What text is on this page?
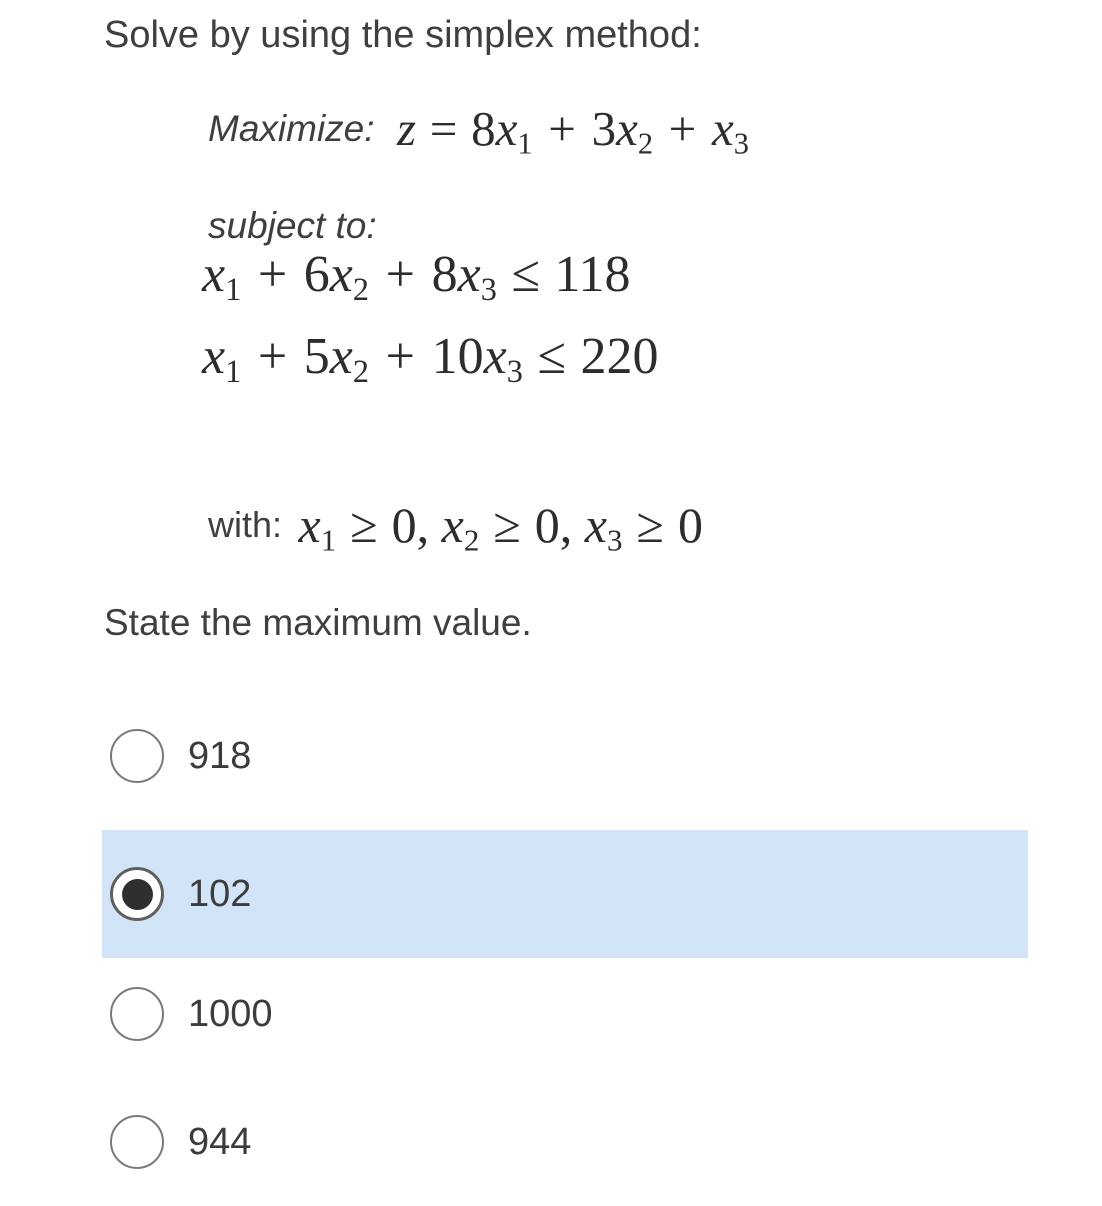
Solve by using the simplex method:
Maximize: $z = 8x_1 + 3x_2 + x_3$
subject to:
$x_1 + 6x_2 + 8x_3 \le 118$
$x_1 + 5x_2 + 10x_3 \le 220$
with: $x_1 \ge 0$, $x_2 \ge 0$, $x_3 \ge 0$
State the maximum value.
918
102
1000
944
